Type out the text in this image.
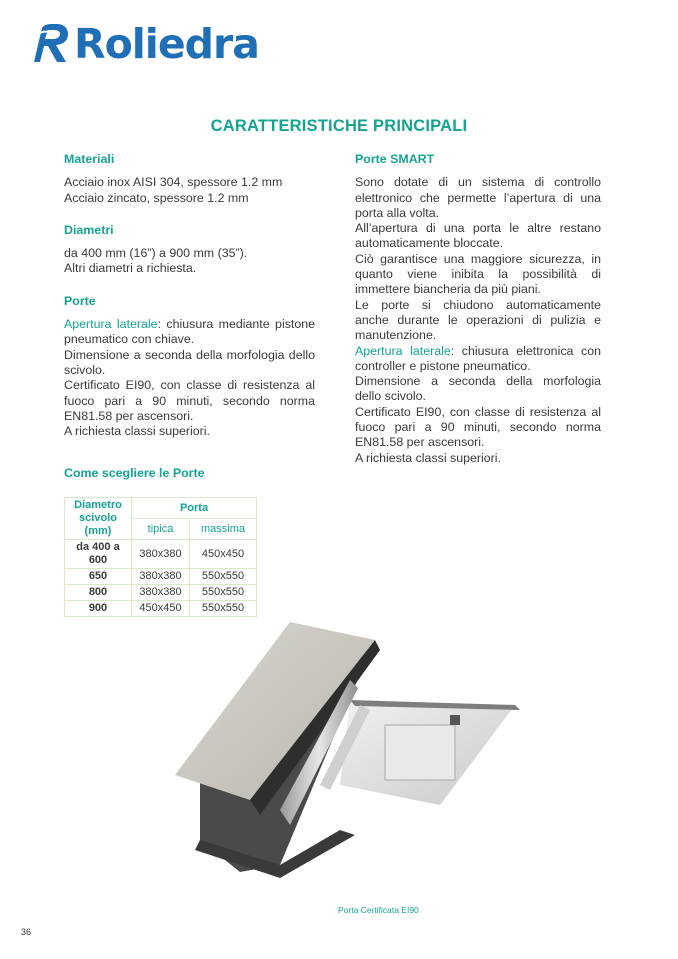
Roliedra
CARATTERISTICHE PRINCIPALI
Materiali

Acciaio inox AISI 304, spessore 1.2 mm

Acciaio zincato, spessore 1.2 mm

Diametri

da 400 mm (16”) a 900 mm (35”).

Altri diametri a richiesta.

Porte

Apertura laterale: chiusura mediante pistone pneumatico con chiave.

Dimensione a seconda della morfologia dello scivolo.

Certificato EI90, con classe di resistenza al fuoco pari a 90 minuti, secondo norma EN81.58 per ascensori.

A richiesta classi superiori.

Porte SMART

Sono dotate di un sistema di controllo elettronico che permette l’apertura di una porta alla volta.

All’apertura di una porta le altre restano automaticamente bloccate.

Ciò garantisce una maggiore sicurezza, in quanto viene inibita la possibilità di immettere biancheria da più piani.

Le porte si chiudono automaticamente anche durante le operazioni di pulizia e manutenzione.

Apertura laterale: chiusura elettronica con controller e pistone pneumatico.

Dimensione a seconda della morfologia dello scivolo.

Certificato EI90, con classe di resistenza al fuoco pari a 90 minuti, secondo norma EN81.58 per ascensori.

A richiesta classi superiori.

Come scegliere le Porte
Diametro scivolo (mm)	Porta	
	tipica	massima
da 400 a 600	380x380	450x450
650	380x380	550x550
800	380x380	550x550
900	450x450	550x550
Porta Certificata EI90
36
